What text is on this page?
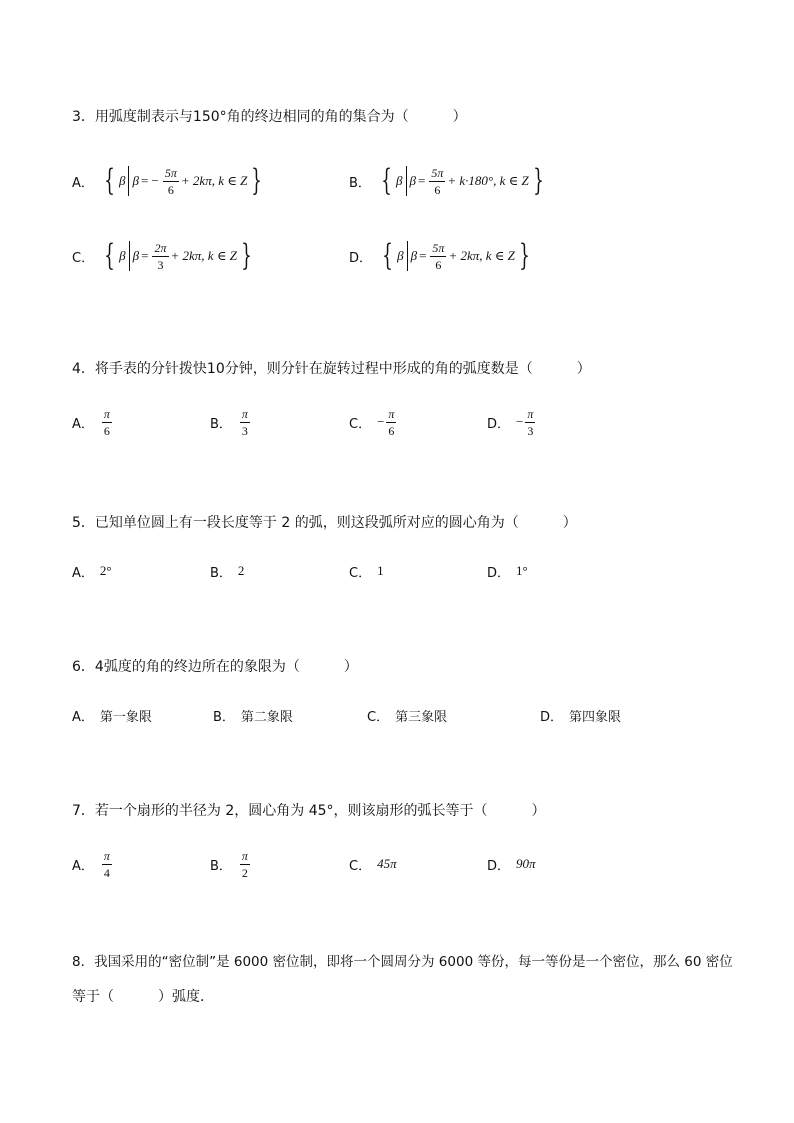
3．用弧度制表示与150°角的终边相同的角的集合为（	）
A． { β β = − $\frac{5\pi}{6} + 2k\pi$, k ∈ Z }	B． { β $\beta = \frac{5\pi}{6} + k\cdot 180^\circ$, k ∈ Z }
C． { β $\beta = \frac{2\pi}{3} + 2k\pi$, k ∈ Z }	D． { β $\beta = \frac{5\pi}{6} + 2k\pi$, k ∈ Z }
4．将手表的分针拨快10分钟，则分针在旋转过程中形成的角的弧度数是（	）
A． $\frac{\pi}{6}$	B． $\frac{\pi}{3}$	C． − $\frac{\pi}{6}$	D． − $\frac{\pi}{3}$
5．已知单位圆上有一段长度等于 2 的弧，则这段弧所对应的圆心角为（	）
A． 2°	B． 2	C． 1	D． 1°
6．4弧度的角的终边所在的象限为（	）
A． 第一象限	B． 第二象限	C． 第三象限	D． 第四象限
7．若一个扇形的半径为 2，圆心角为 45°，则该扇形的弧长等于（	）
A． $\frac{\pi}{4}$	B． $\frac{\pi}{2}$	C． 45π	D． 90π
8．我国采用的“密位制”是 6000 密位制，即将一个圆周分为 6000 等份，每一等份是一个密位，那么 60 密位
等于（	）弧度．
